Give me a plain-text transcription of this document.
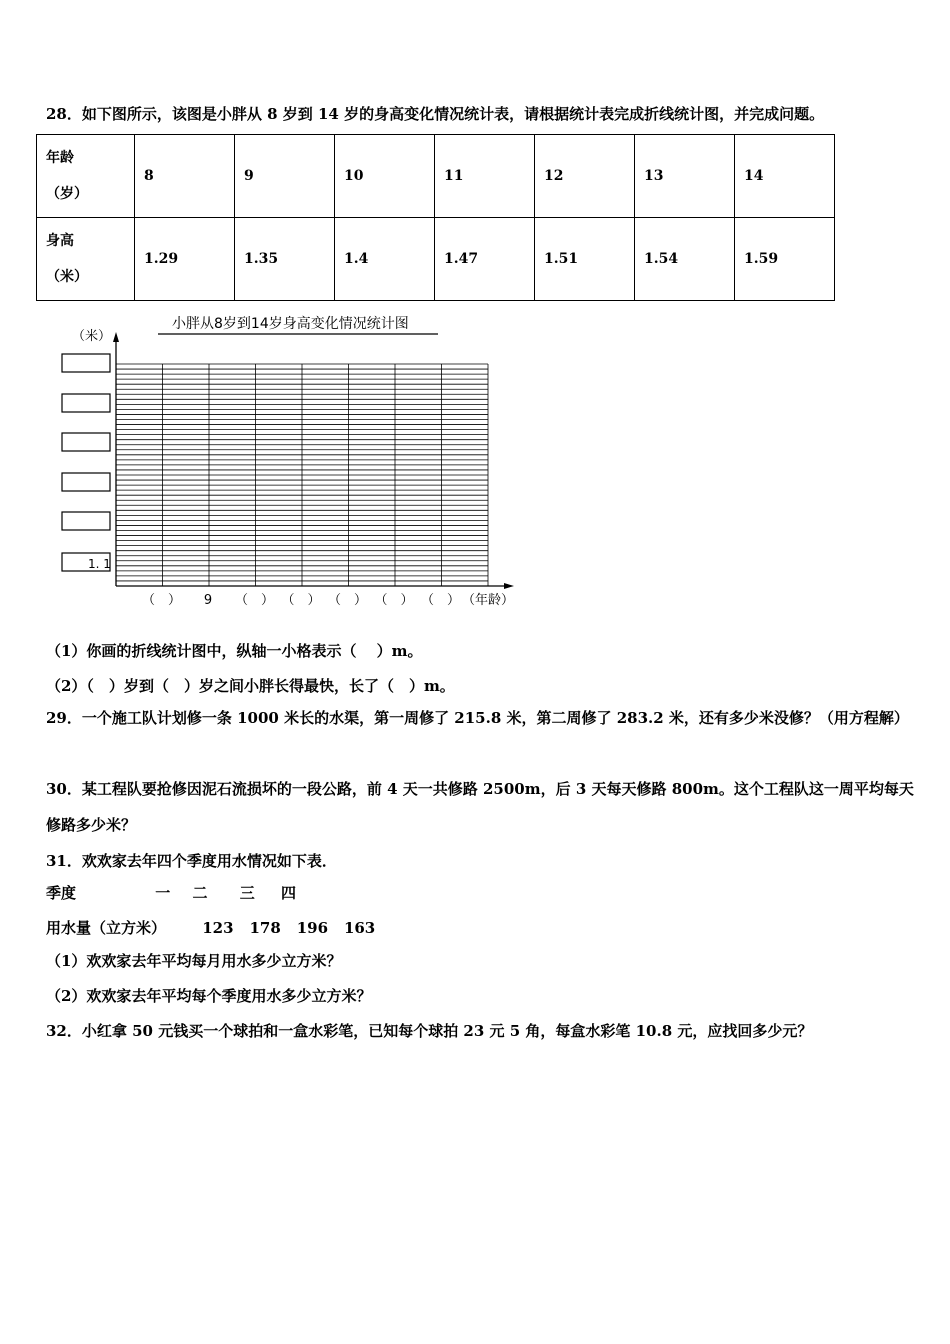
28．如下图所示，该图是小胖从 8 岁到 14 岁的身高变化情况统计表，请根据统计表完成折线统计图，并完成问题。
年龄
（岁）	8	9	10	11	12	13	14

身高
（米）	1.29	1.35	1.4	1.47	1.51	1.54	1.59
小胖从8岁到14岁身高变化情况统计图
（米）
1. 1
（　） 9 （　） （　） （　） （　） （　） （年龄）
（1）你画的折线统计图中，纵轴一小格表示（　 ）m。
（2）（　）岁到（　）岁之间小胖长得最快，长了（　）m。
29．一个施工队计划修一条 1000 米长的水渠，第一周修了 215.8 米，第二周修了 283.2 米，还有多少米没修？（用方程解）
30．某工程队要抢修因泥石流损坏的一段公路，前 4 天一共修路 2500m，后 3 天每天修路 800m。这个工程队这一周平均每天修路多少米？
31．欢欢家去年四个季度用水情况如下表．
季度	一 二 三 四
用水量（立方米） 123 178 196 163
（1）欢欢家去年平均每月用水多少立方米？
（2）欢欢家去年平均每个季度用水多少立方米？
32．小红拿 50 元钱买一个球拍和一盒水彩笔，已知每个球拍 23 元 5 角，每盒水彩笔 10.8 元，应找回多少元？
